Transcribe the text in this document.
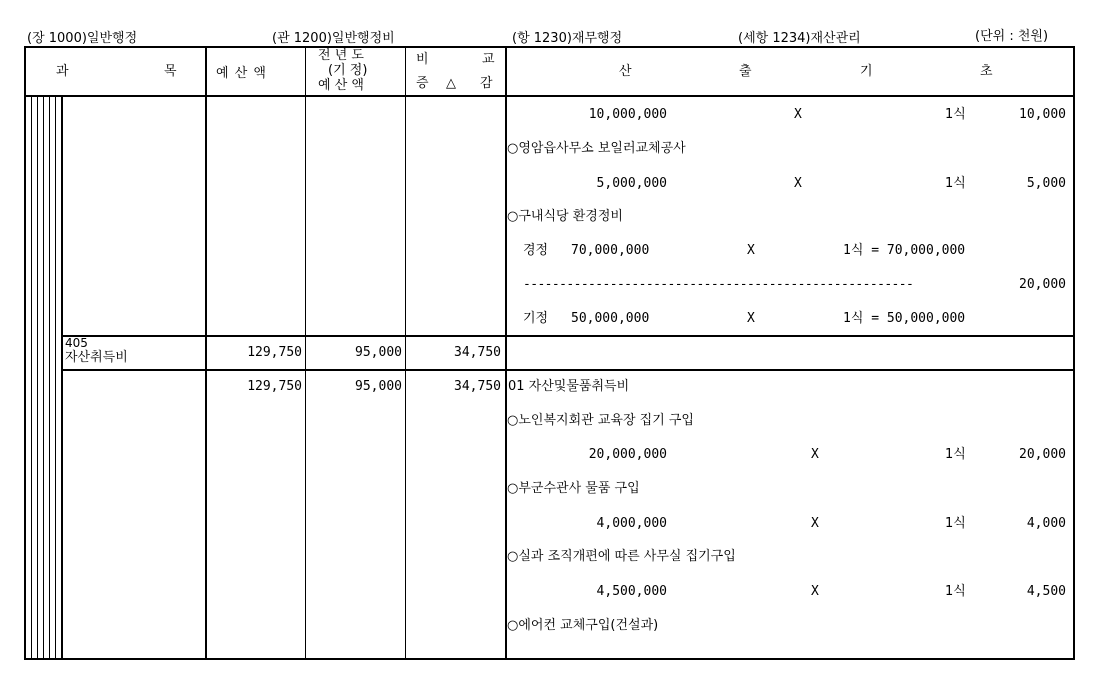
(장 1000)일반행정	(관 1200)일반행정비	(항 1230)재무행정	(세항 1234)재산관리	(단위 : 천원)
과	목	예 산 액
전 년 도
(기 정)
예 산 액
비	교
증 △ 감
산	출	기	초
10,000,000	X	1식	10,000
○영암읍사무소 보일러교체공사
5,000,000	X	1식	5,000
○구내식당 환경정비
경정 70,000,000	X	1식 = 70,000,000
------------------------------------------------------	20,000
기정 50,000,000	X	1식 = 50,000,000
405
자산취득비	129,750	95,000	34,750
129,750	95,000	34,750 01 자산및물품취득비
○노인복지회관 교육장 집기 구입
20,000,000	X	1식	20,000
○부군수관사 물품 구입
4,000,000	X	1식	4,000
○실과 조직개편에 따른 사무실 집기구입
4,500,000	X	1식	4,500
○에어컨 교체구입(건설과)
